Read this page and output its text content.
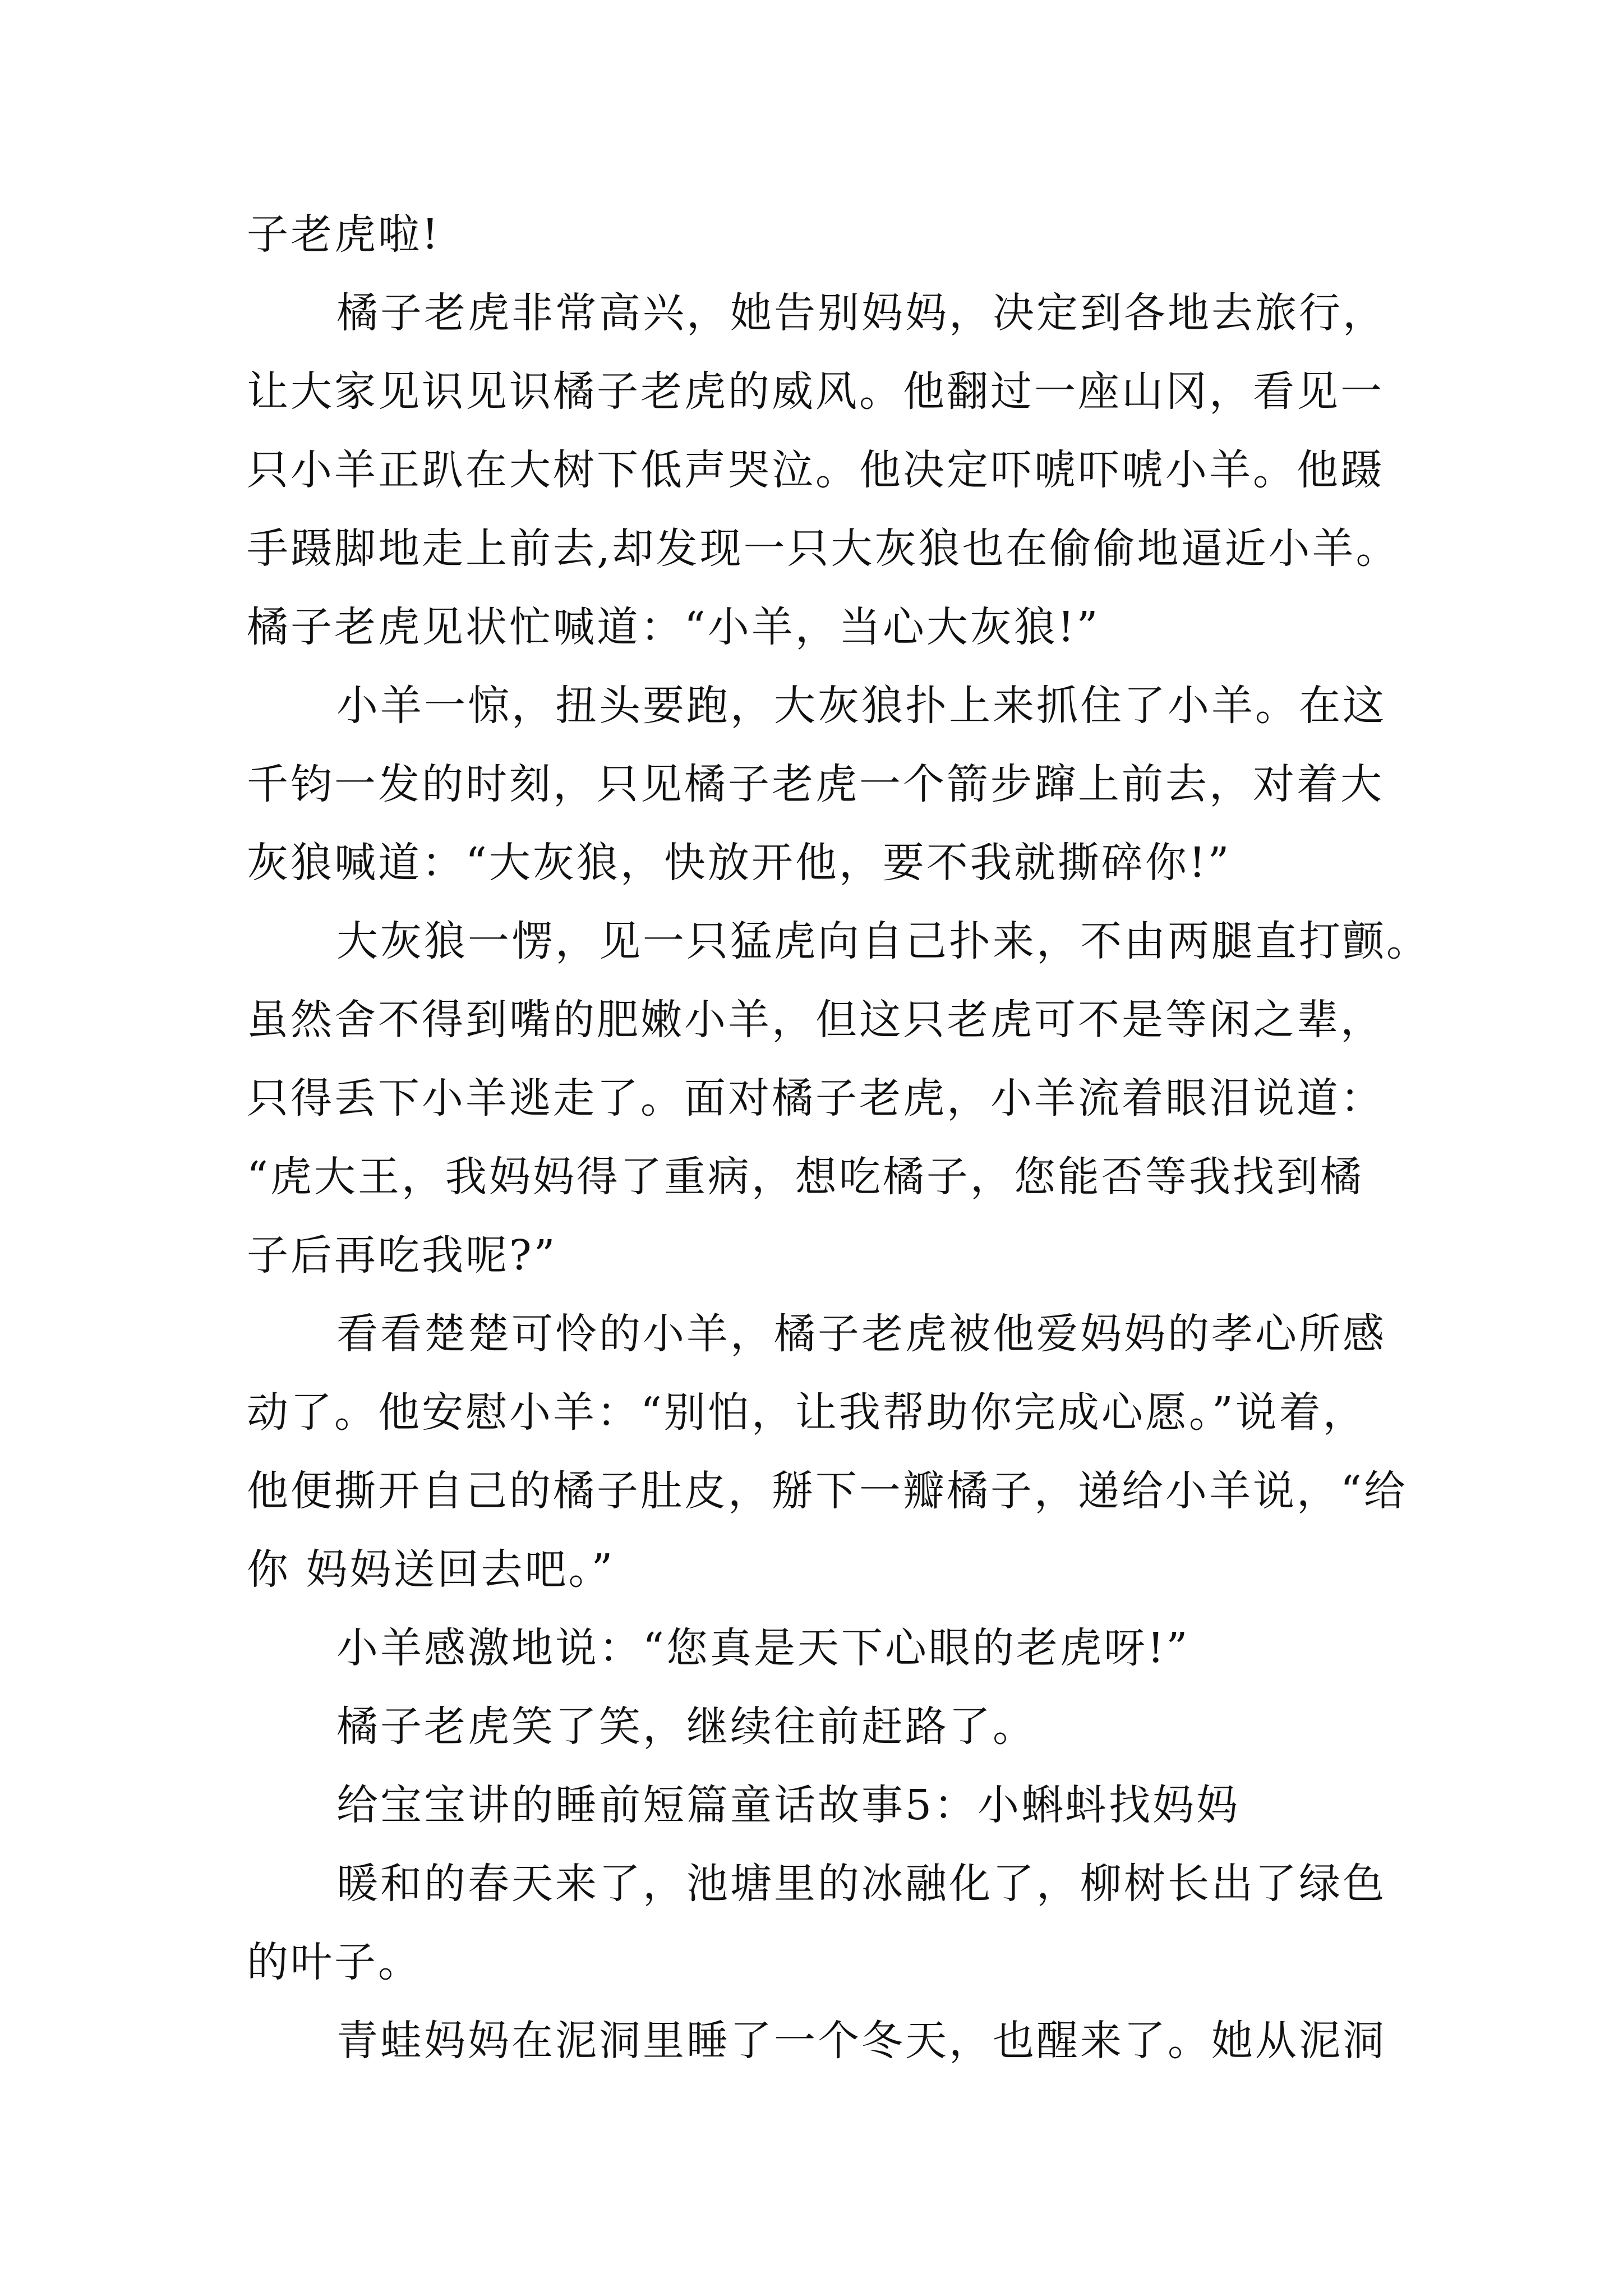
子老虎啦!
橘子老虎非常高兴，她告别妈妈，决定到各地去旅行，
让大家见识见识橘子老虎的威风。他翻过一座山冈，看见一
只小羊正趴在大树下低声哭泣。他决定吓唬吓唬小羊。他蹑
手蹑脚地走上前去,却发现一只大灰狼也在偷偷地逼近小羊。
橘子老虎见状忙喊道：“小羊，当心大灰狼!”
小羊一惊，扭头要跑，大灰狼扑上来抓住了小羊。在这
千钧一发的时刻，只见橘子老虎一个箭步蹿上前去，对着大
灰狼喊道：“大灰狼，快放开他，要不我就撕碎你!”
大灰狼一愣，见一只猛虎向自己扑来，不由两腿直打颤。
虽然舍不得到嘴的肥嫩小羊，但这只老虎可不是等闲之辈，
只得丢下小羊逃走了。面对橘子老虎，小羊流着眼泪说道：
“虎大王，我妈妈得了重病，想吃橘子，您能否等我找到橘
子后再吃我呢?”
看看楚楚可怜的小羊，橘子老虎被他爱妈妈的孝心所感
动了。他安慰小羊：“别怕，让我帮助你完成心愿。”说着，
他便撕开自己的橘子肚皮，掰下一瓣橘子，递给小羊说，“给
你 妈妈送回去吧。”
小羊感激地说：“您真是天下心眼的老虎呀!”
橘子老虎笑了笑，继续往前赶路了。
给宝宝讲的睡前短篇童话故事5：小蝌蚪找妈妈
暖和的春天来了，池塘里的冰融化了，柳树长出了绿色
的叶子。
青蛙妈妈在泥洞里睡了一个冬天，也醒来了。她从泥洞
